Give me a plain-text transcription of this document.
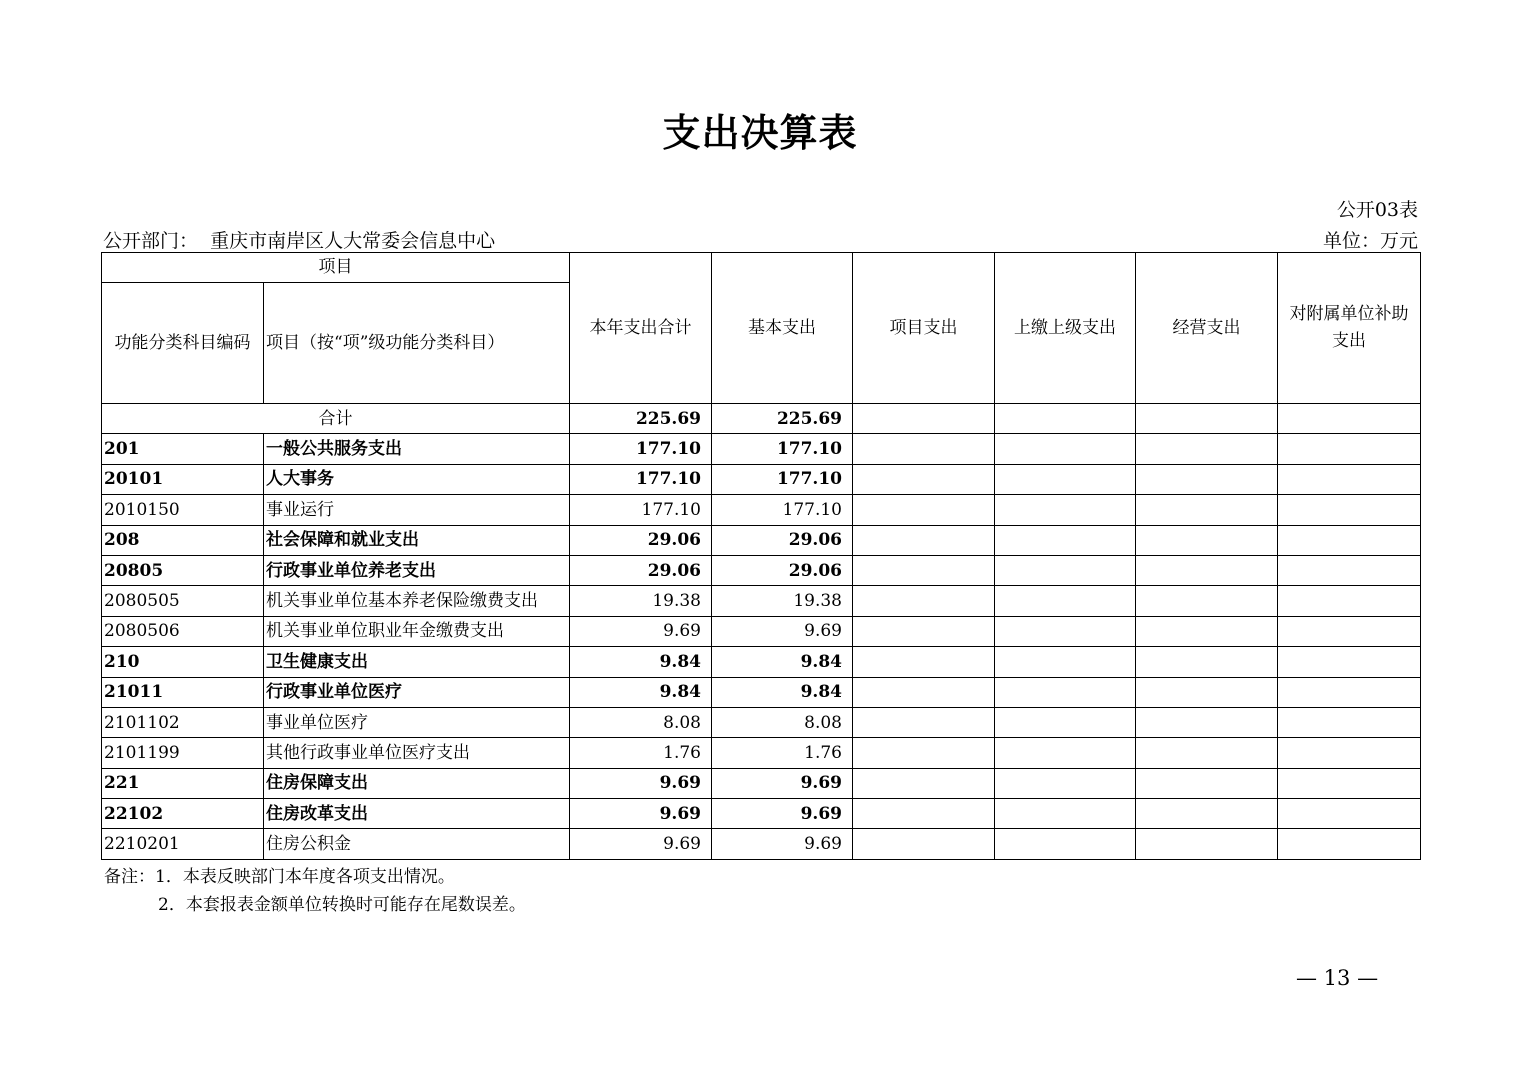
支出决算表
公开03表
公开部门：  重庆市南岸区人大常委会信息中心	单位：万元
项目		本年支出合计	基本支出	项目支出	上缴上级支出	经营支出	对附属单位补助支出
功能分类科目编码	项目（按“项”级功能分类科目）						
合计		225.69	225.69				
201	一般公共服务支出	177.10	177.10				
20101	人大事务	177.10	177.10				
2010150	事业运行	177.10	177.10				
208	社会保障和就业支出	29.06	29.06				
20805	行政事业单位养老支出	29.06	29.06				
2080505	机关事业单位基本养老保险缴费支出	19.38	19.38				
2080506	机关事业单位职业年金缴费支出	9.69	9.69				
210	卫生健康支出	9.84	9.84				
21011	行政事业单位医疗	9.84	9.84				
2101102	事业单位医疗	8.08	8.08				
2101199	其他行政事业单位医疗支出	1.76	1.76				
221	住房保障支出	9.69	9.69				
22102	住房改革支出	9.69	9.69				
2210201	住房公积金	9.69	9.69				
备注：1．本表反映部门本年度各项支出情况。
2．本套报表金额单位转换时可能存在尾数误差。
— 13 —
